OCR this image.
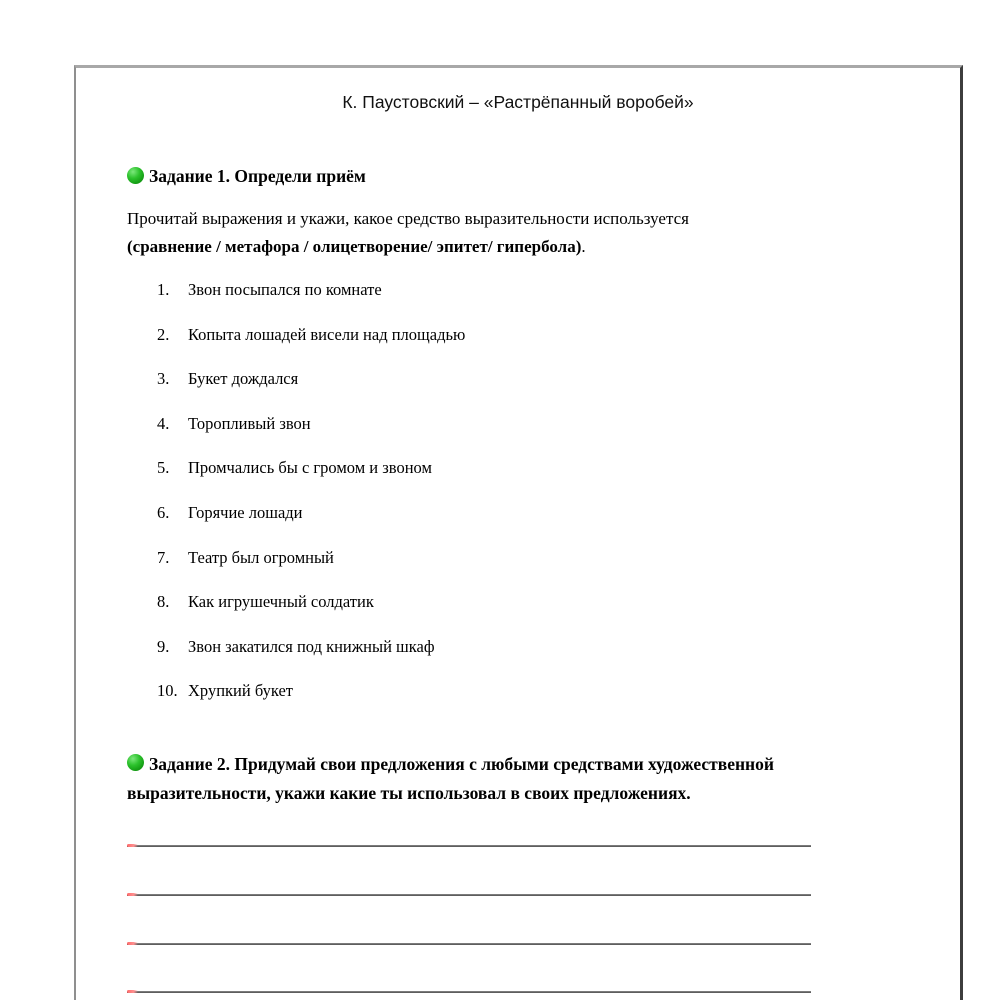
К. Паустовский – «Растрёпанный воробей»
Задание 1. Определи приём
Прочитай выражения и укажи, какое средство выразительности используется
(сравнение / метафора / олицетворение/ эпитет/ гипербола).
1.	Звон посыпался по комнате
2.	Копыта лошадей висели над площадью
3.	Букет дождался
4.	Торопливый звон
5.	Промчались бы с громом и звоном
6.	Горячие лошади
7.	Театр был огромный
8.	Как игрушечный солдатик
9.	Звон закатился под книжный шкаф
10. Хрупкий букет
Задание 2. Придумай свои предложения с любыми средствами художественной
выразительности, укажи какие ты использовал в своих предложениях.
